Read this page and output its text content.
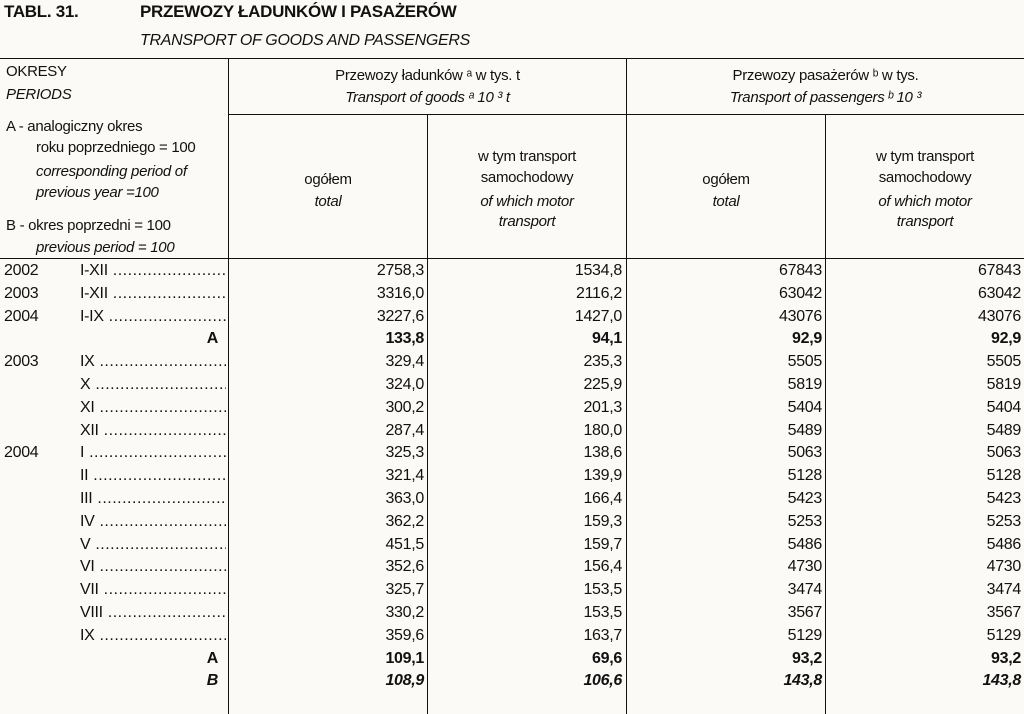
TABL. 31.	PRZEWOZY ŁADUNKÓW I PASAŻERÓW
TRANSPORT OF GOODS AND PASSENGERS
OKRESY
PERIODS
A - analogiczny okres
roku poprzedniego = 100
corresponding period of
previous year =100
B - okres poprzedni = 100
previous period = 100
Przewozy ładunków ᵃ w tys. t
Transport of goods ᵃ 10 ³ t
Przewozy pasażerów ᵇ w tys.
Transport of passengers ᵇ 10 ³
ogółem
total
w tym transport
samochodowy
of which motor
transport
ogółem
total
w tym transport
samochodowy
of which motor
transport
2002	I-XII .....	2758,3	1534,8	67843	67843
2003	I-XII .....	3316,0	2116,2	63042	63042
2004	I-IX .....	3227,6	1427,0	43076	43076
A	133,8	94,1	92,9	92,9
2003	IX .....	329,4	235,3	5505	5505
X .....	324,0	225,9	5819	5819
XI .....	300,2	201,3	5404	5404
XII .....	287,4	180,0	5489	5489
2004	I .....	325,3	138,6	5063	5063
II .....	321,4	139,9	5128	5128
III .....	363,0	166,4	5423	5423
IV .....	362,2	159,3	5253	5253
V .....	451,5	159,7	5486	5486
VI .....	352,6	156,4	4730	4730
VII .....	325,7	153,5	3474	3474
VIII .....	330,2	153,5	3567	3567
IX .....	359,6	163,7	5129	5129
A	109,1	69,6	93,2	93,2
B	108,9	106,6	143,8	143,8
